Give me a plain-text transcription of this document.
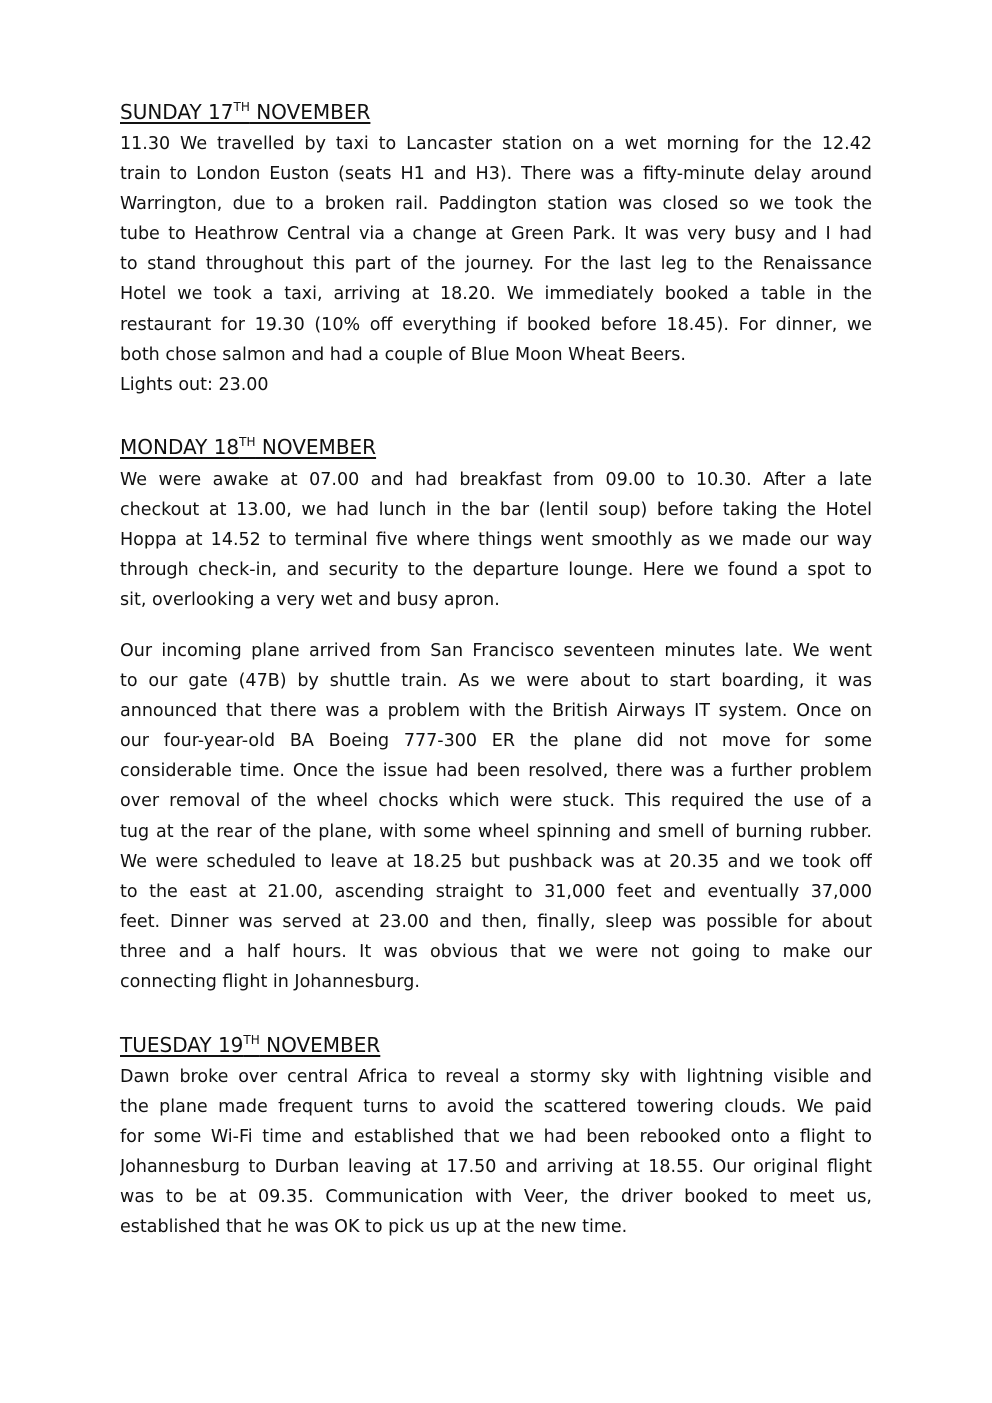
SUNDAY 17TH NOVEMBER
11.30 We travelled by taxi to Lancaster station on a wet morning for the 12.42
train to London Euston (seats H1 and H3). There was a fifty-minute delay around
Warrington, due to a broken rail. Paddington station was closed so we took the
tube to Heathrow Central via a change at Green Park. It was very busy and I had
to stand throughout this part of the journey. For the last leg to the Renaissance
Hotel we took a taxi, arriving at 18.20. We immediately booked a table in the
restaurant for 19.30 (10% off everything if booked before 18.45). For dinner, we
both chose salmon and had a couple of Blue Moon Wheat Beers.
Lights out: 23.00
MONDAY 18TH NOVEMBER
We were awake at 07.00 and had breakfast from 09.00 to 10.30. After a late
checkout at 13.00, we had lunch in the bar (lentil soup) before taking the Hotel
Hoppa at 14.52 to terminal five where things went smoothly as we made our way
through check-in, and security to the departure lounge. Here we found a spot to
sit, overlooking a very wet and busy apron.
Our incoming plane arrived from San Francisco seventeen minutes late. We went
to our gate (47B) by shuttle train. As we were about to start boarding, it was
announced that there was a problem with the British Airways IT system. Once on
our four-year-old BA Boeing 777-300 ER the plane did not move for some
considerable time. Once the issue had been resolved, there was a further problem
over removal of the wheel chocks which were stuck. This required the use of a
tug at the rear of the plane, with some wheel spinning and smell of burning rubber.
We were scheduled to leave at 18.25 but pushback was at 20.35 and we took off
to the east at 21.00, ascending straight to 31,000 feet and eventually 37,000
feet. Dinner was served at 23.00 and then, finally, sleep was possible for about
three and a half hours. It was obvious that we were not going to make our
connecting flight in Johannesburg.
TUESDAY 19TH NOVEMBER
Dawn broke over central Africa to reveal a stormy sky with lightning visible and
the plane made frequent turns to avoid the scattered towering clouds. We paid
for some Wi-Fi time and established that we had been rebooked onto a flight to
Johannesburg to Durban leaving at 17.50 and arriving at 18.55. Our original flight
was to be at 09.35. Communication with Veer, the driver booked to meet us,
established that he was OK to pick us up at the new time.
